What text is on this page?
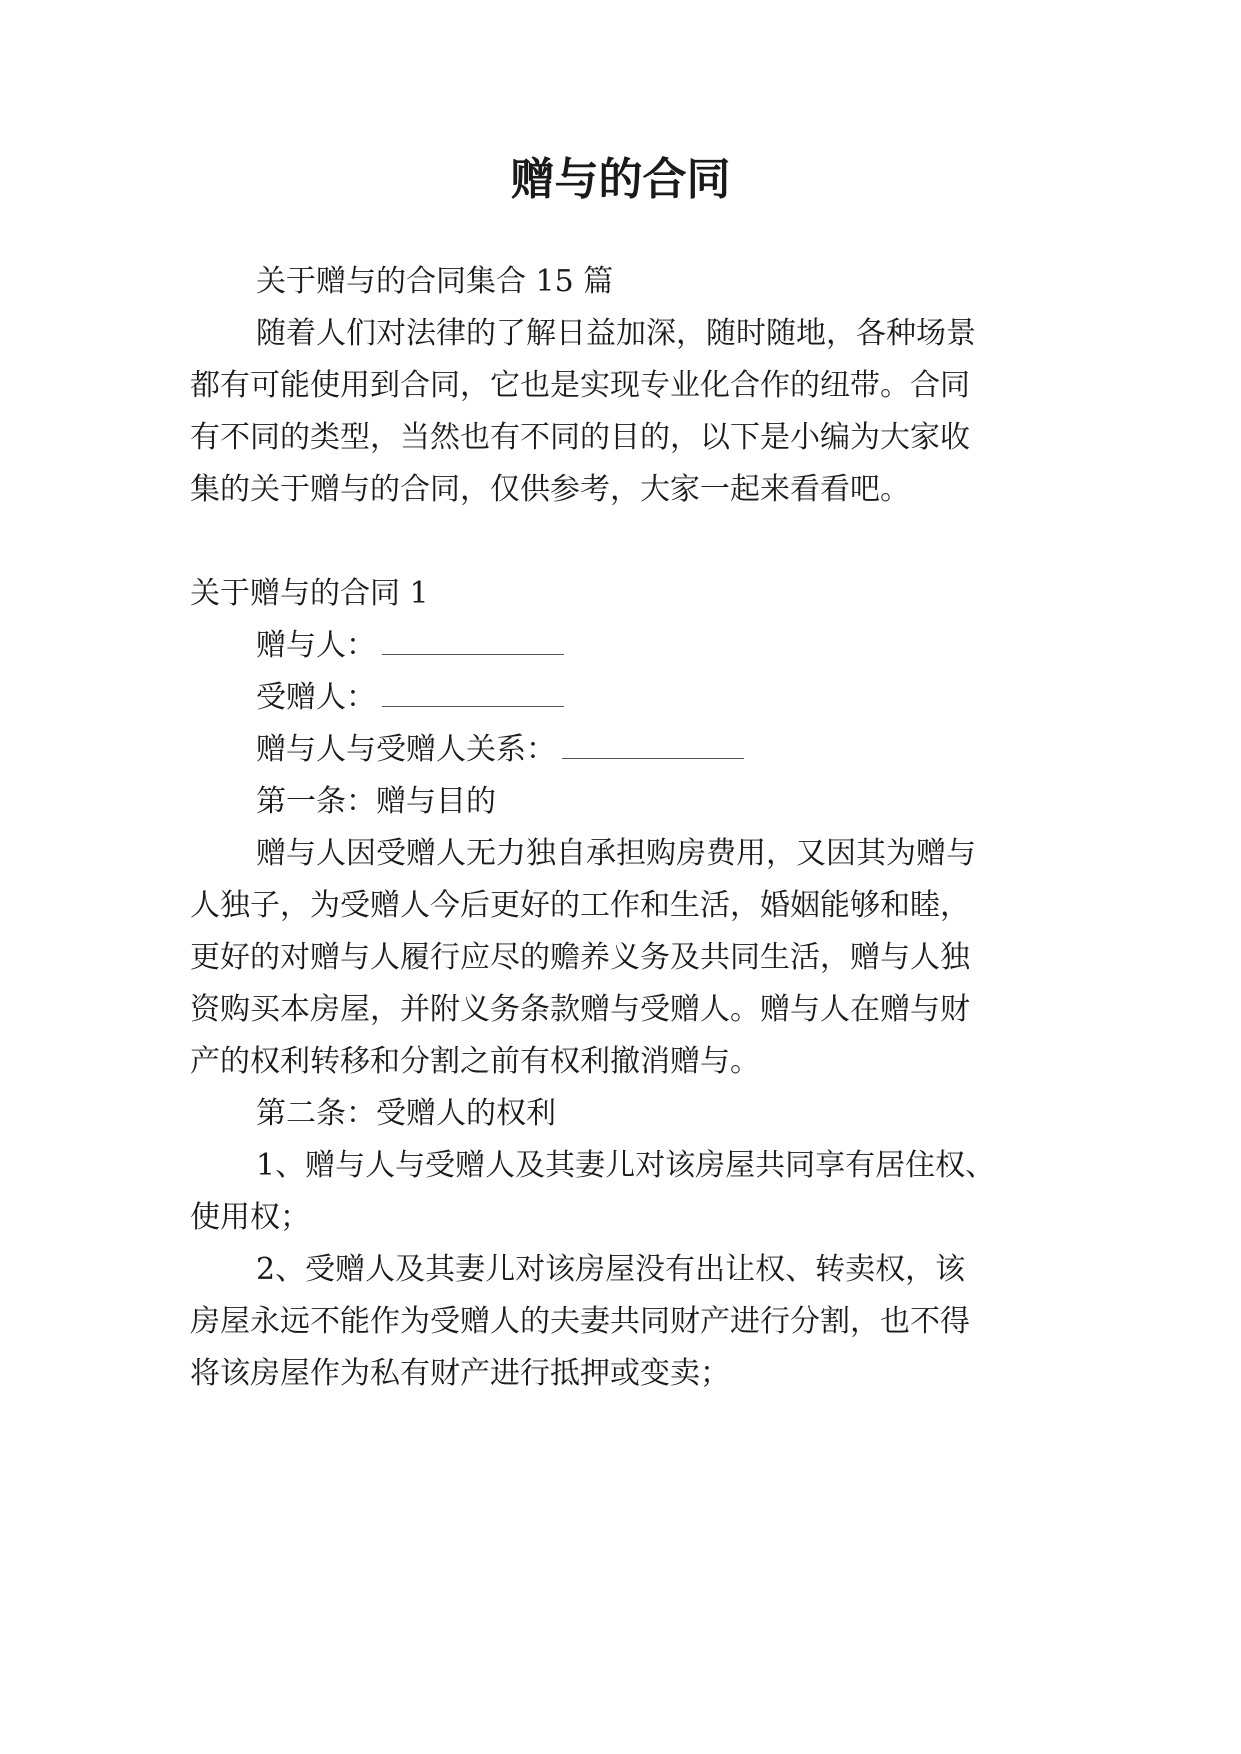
赠与的合同
关于赠与的合同集合 15 篇
随着人们对法律的了解日益加深，随时随地，各种场景
都有可能使用到合同，它也是实现专业化合作的纽带。合同
有不同的类型，当然也有不同的目的，以下是小编为大家收
集的关于赠与的合同，仅供参考，大家一起来看看吧。
关于赠与的合同 1
赠与人：
受赠人：
赠与人与受赠人关系：
第一条：赠与目的
赠与人因受赠人无力独自承担购房费用，又因其为赠与
人独子，为受赠人今后更好的工作和生活，婚姻能够和睦，
更好的对赠与人履行应尽的赡养义务及共同生活，赠与人独
资购买本房屋，并附义务条款赠与受赠人。赠与人在赠与财
产的权利转移和分割之前有权利撤消赠与。
第二条：受赠人的权利
1、赠与人与受赠人及其妻儿对该房屋共同享有居住权、
使用权；
2、受赠人及其妻儿对该房屋没有出让权、转卖权，该
房屋永远不能作为受赠人的夫妻共同财产进行分割，也不得
将该房屋作为私有财产进行抵押或变卖；
